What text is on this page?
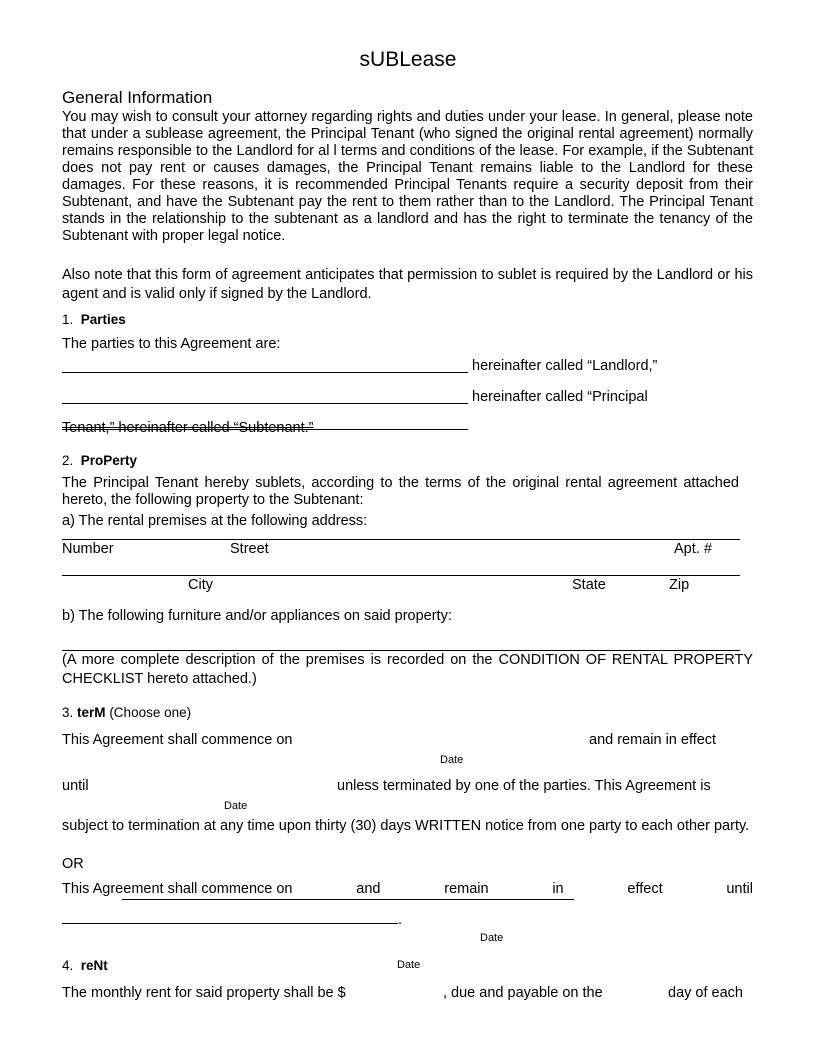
sUBLease
General Information
You may wish to consult your attorney regarding rights and duties under your lease. In general, please note that under a sublease agreement, the Principal Tenant (who signed the original rental agreement) normally remains responsible to the Landlord for al l terms and conditions of the lease. For example, if the Subtenant does not pay rent or causes damages, the Principal Tenant remains liable to the Landlord for these damages. For these reasons, it is recommended Principal Tenants require a security deposit from their Subtenant, and have the Subtenant pay the rent to them rather than to the Landlord. The Principal Tenant stands in the relationship to the subtenant as a landlord and has the right to terminate the tenancy of the Subtenant with proper legal notice.
Also note that this form of agreement anticipates that permission to sublet is required by the Landlord or his agent and is valid only if signed by the Landlord.
1. Parties
The parties to this Agreement are:
hereinafter called “Landlord,”
hereinafter called “Principal
Tenant,” hereinafter called “Subtenant.”
2. ProPerty
The Principal Tenant hereby sublets, according to the terms of the original rental agreement attached hereto, the following property to the Subtenant:
a) The rental premises at the following address:
Number	Street	Apt. #
City	State	Zip
b) The following furniture and/or appliances on said property:
(A more complete description of the premises is recorded on the CONDITION OF RENTAL PROPERTY CHECKLIST hereto attached.)
3. terM (Choose one)
This Agreement shall commence on	and remain in effect
Date
until	unless terminated by one of the parties. This Agreement is
Date
subject to termination at any time upon thirty (30) days WRITTEN notice from one party to each other party.
OR
This Agreement shall commence on	and	remain	in	effect	until
.
Date
4. reNt	Date
The monthly rent for said property shall be $	, due and payable on the	day of each
